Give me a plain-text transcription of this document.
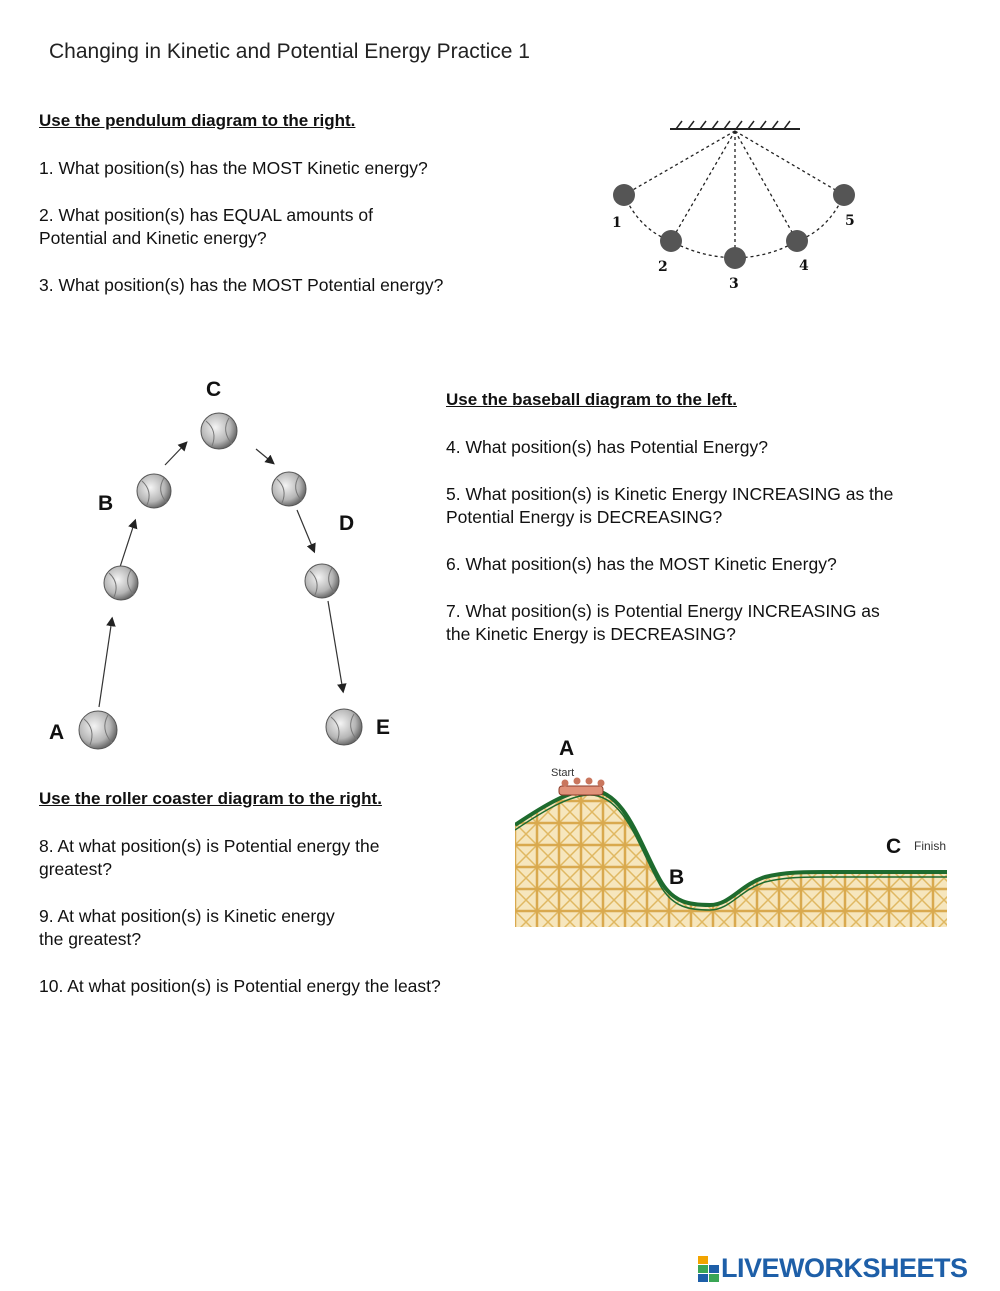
Changing in Kinetic and Potential Energy Practice 1
Use the pendulum diagram to the right.
1. What position(s) has the MOST Kinetic energy?
2. What position(s) has EQUAL amounts of
Potential and Kinetic energy?
3. What position(s) has the MOST Potential energy?
1
2
3
4
5
C
B
D
A	E
Use the baseball diagram to the left.
4. What position(s) has Potential Energy?
5. What position(s) is Kinetic Energy INCREASING as the
Potential Energy is DECREASING?
6. What position(s) has the MOST Kinetic Energy?
7. What position(s) is Potential Energy INCREASING as
the Kinetic Energy is DECREASING?
Use the roller coaster diagram to the right.
8. At what position(s) is Potential energy the
greatest?
9. At what position(s) is Kinetic energy
the greatest?
10. At what position(s) is Potential energy the least?
A
Start
B
C Finish
LIVEWORKSHEETS
